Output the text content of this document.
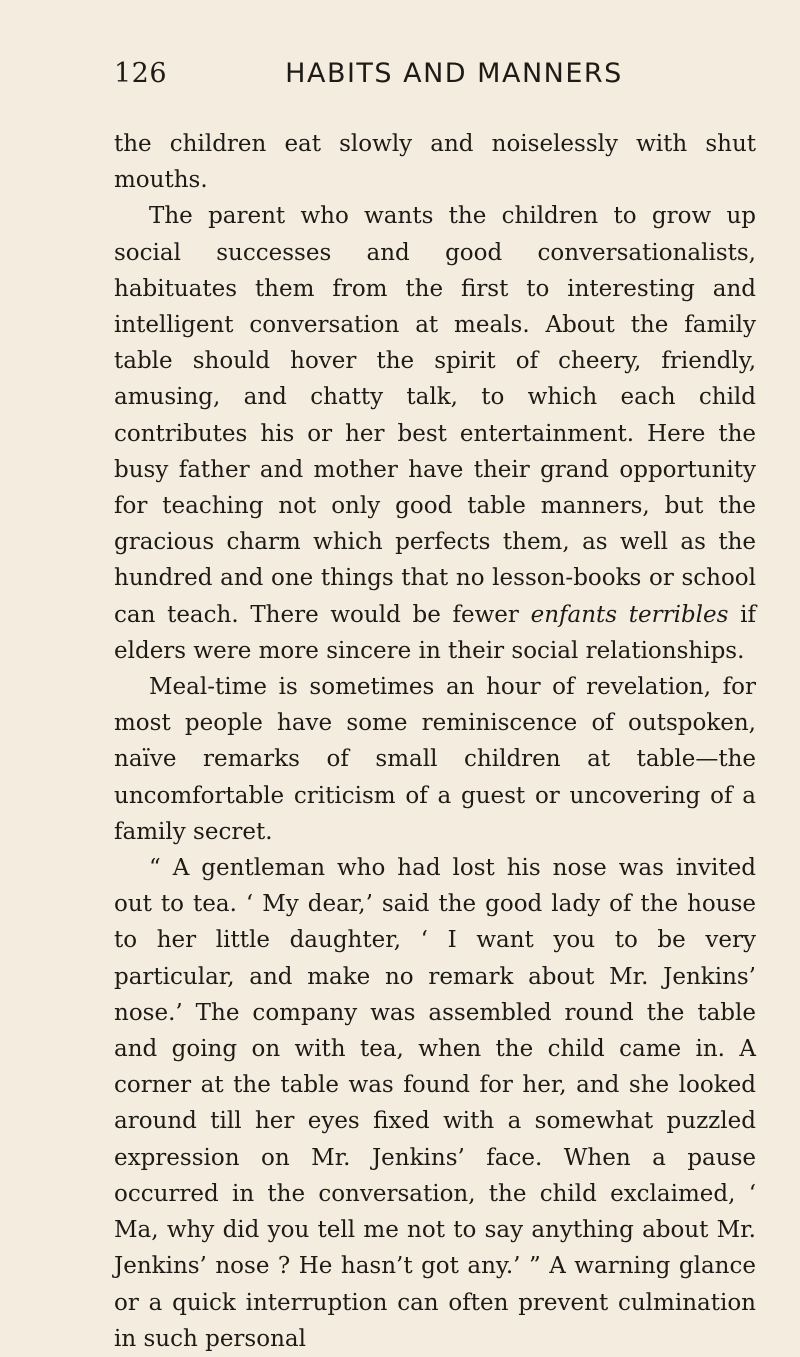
126	HABITS AND MANNERS

the children eat slowly and noiselessly with shut mouths.

The parent who wants the children to grow up social successes and good conversationalists, habituates them from the first to interesting and intelligent conversation at meals. About the family table should hover the spirit of cheery, friendly, amusing, and chatty talk, to which each child contributes his or her best entertainment. Here the busy father and mother have their grand opportunity for teaching not only good table manners, but the gracious charm which perfects them, as well as the hundred and one things that no lesson-books or school can teach. There would be fewer enfants terribles if elders were more sincere in their social relationships.

Meal-time is sometimes an hour of revelation, for most people have some reminiscence of outspoken, naïve remarks of small children at table—the uncomfortable criticism of a guest or uncovering of a family secret.

“ A gentleman who had lost his nose was invited out to tea. ‘ My dear,’ said the good lady of the house to her little daughter, ‘ I want you to be very particular, and make no remark about Mr. Jenkins’ nose.’ The company was assembled round the table and going on with tea, when the child came in. A corner at the table was found for her, and she looked around till her eyes fixed with a somewhat puzzled expression on Mr. Jenkins’ face. When a pause occurred in the conversation, the child exclaimed, ‘ Ma, why did you tell me not to say anything about Mr. Jenkins’ nose ? He hasn’t got any.’ ” A warning glance or a quick interruption can often prevent culmination in such personal
